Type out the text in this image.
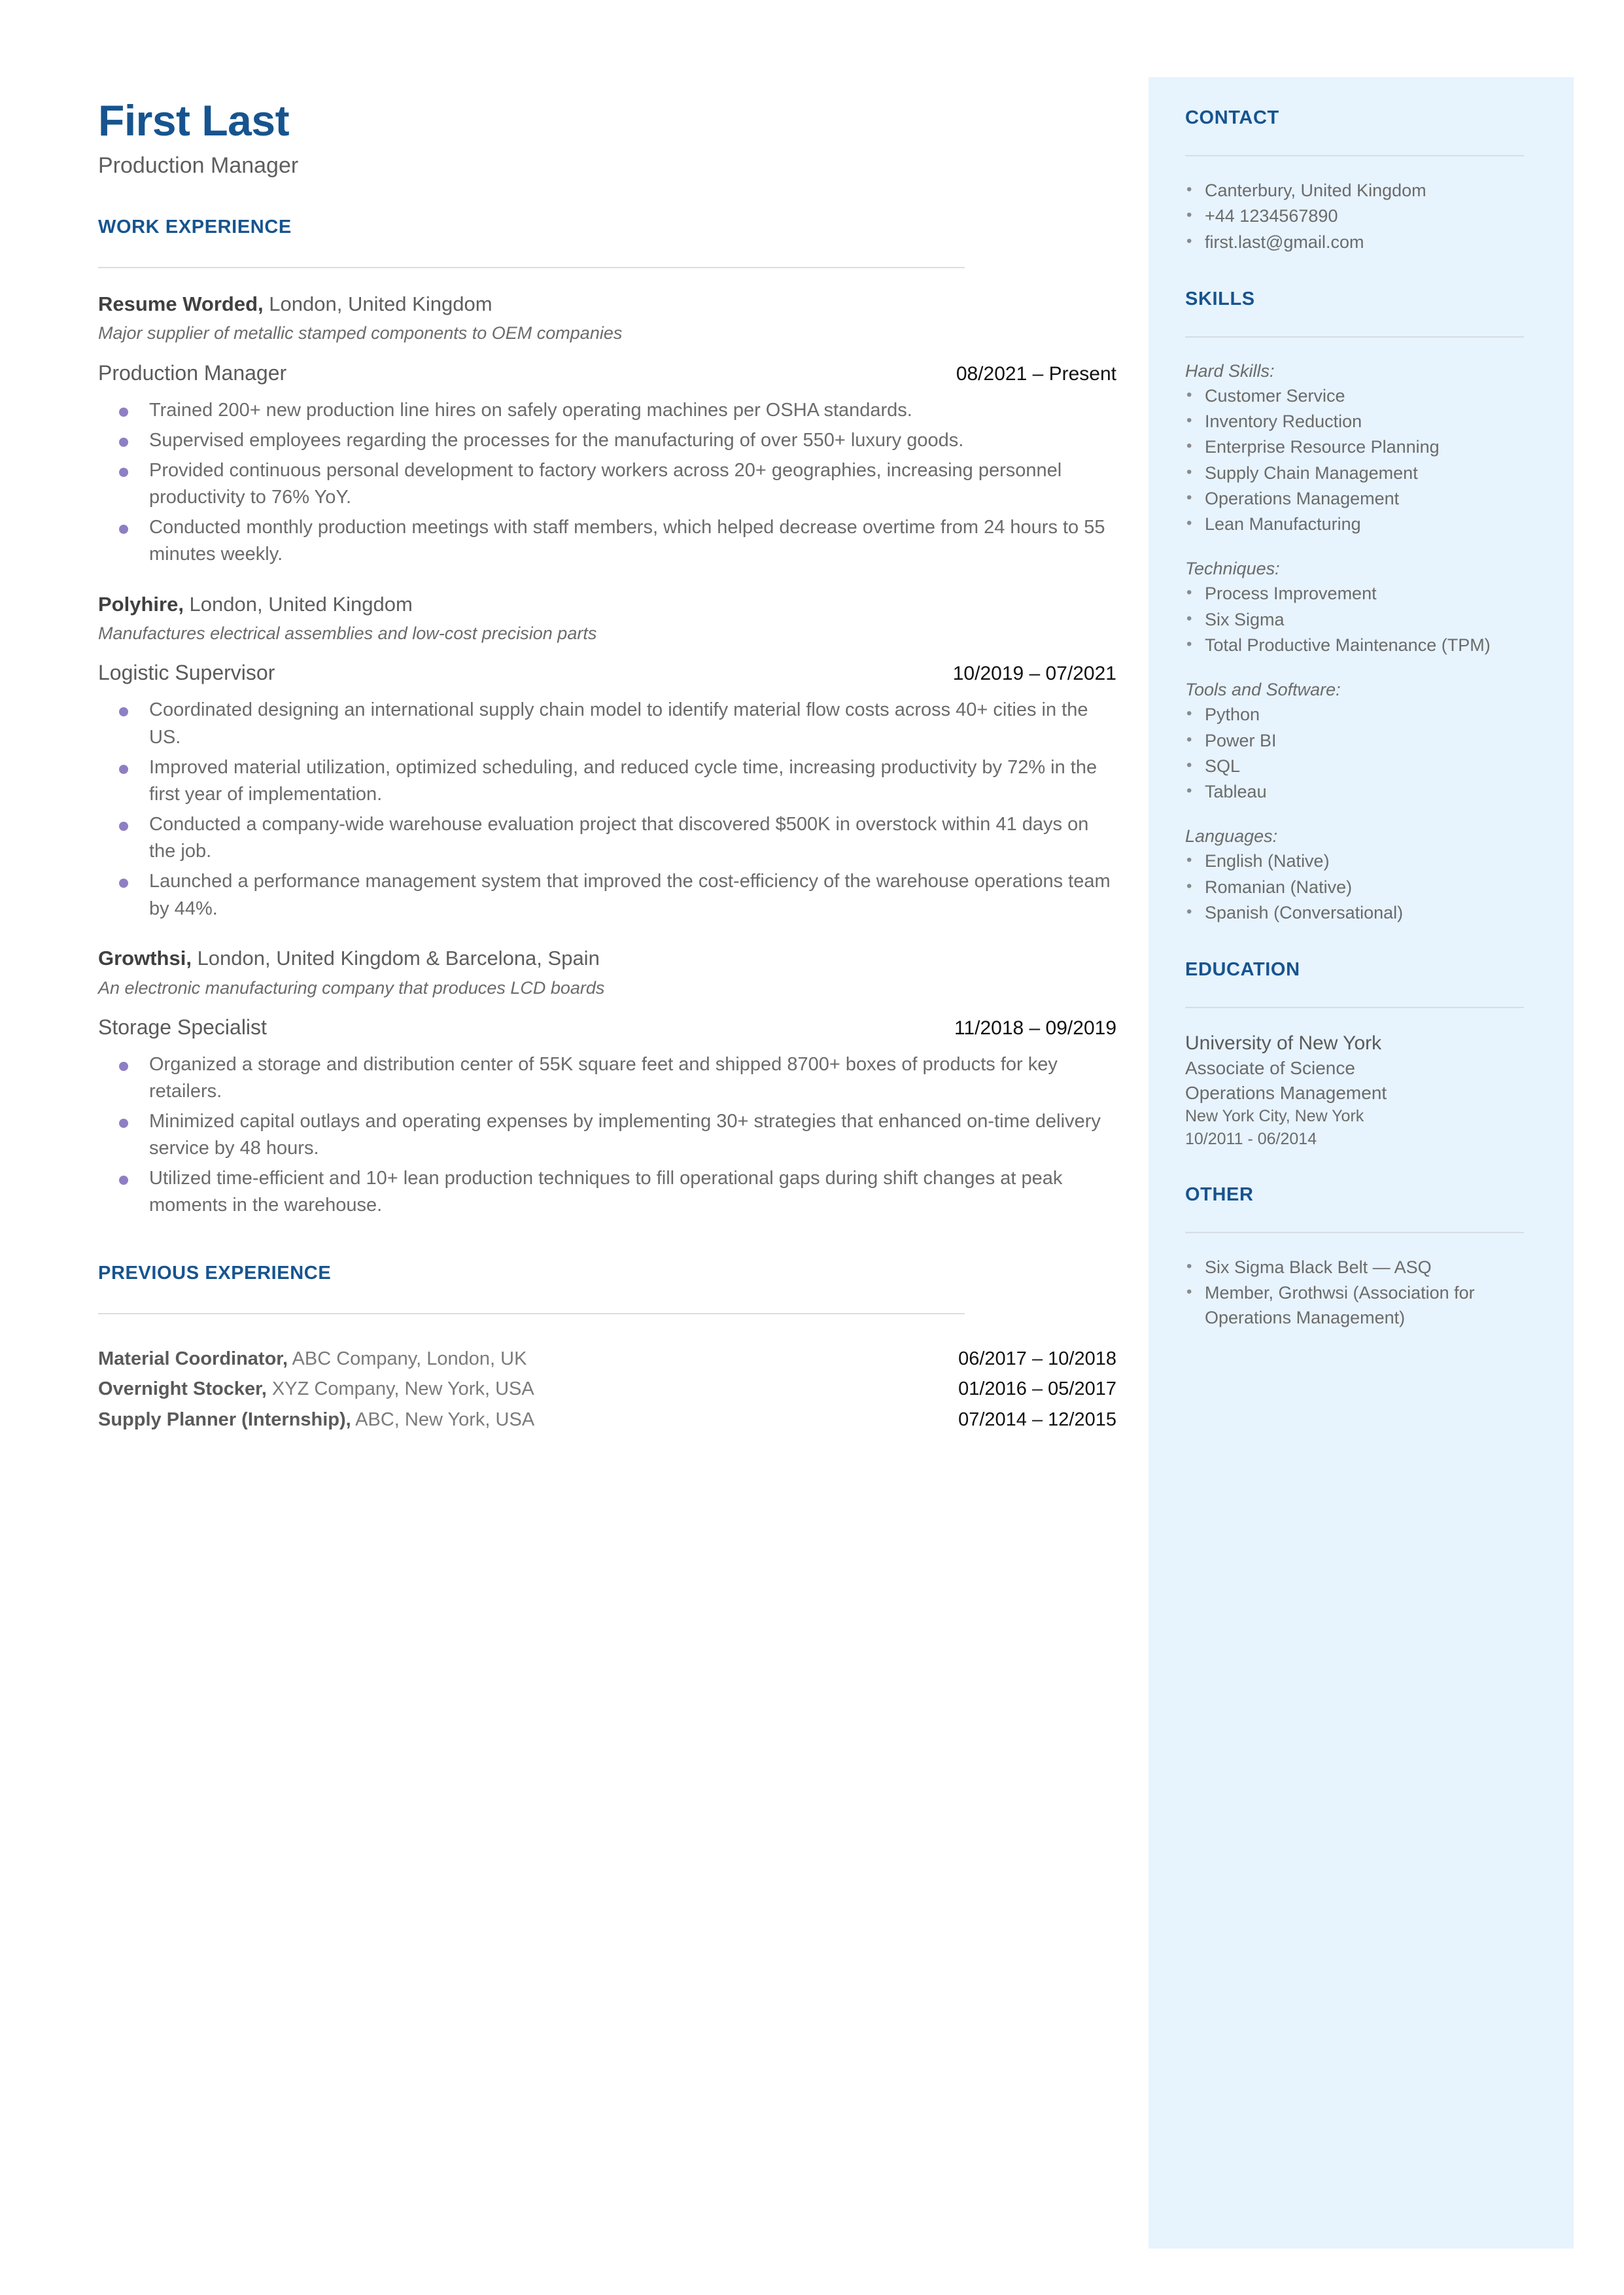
First Last
Production Manager
WORK EXPERIENCE
Resume Worded, London, United Kingdom
Major supplier of metallic stamped components to OEM companies
Production Manager	08/2021 – Present
Trained 200+ new production line hires on safely operating machines per OSHA standards.
Supervised employees regarding the processes for the manufacturing of over 550+ luxury goods.
Provided continuous personal development to factory workers across 20+ geographies, increasing personnel productivity to 76% YoY.
Conducted monthly production meetings with staff members, which helped decrease overtime from 24 hours to 55 minutes weekly.
Polyhire, London, United Kingdom
Manufactures electrical assemblies and low-cost precision parts
Logistic Supervisor	10/2019 – 07/2021
Coordinated designing an international supply chain model to identify material flow costs across 40+ cities in the US.
Improved material utilization, optimized scheduling, and reduced cycle time, increasing productivity by 72% in the first year of implementation.
Conducted a company-wide warehouse evaluation project that discovered $500K in overstock within 41 days on the job.
Launched a performance management system that improved the cost-efficiency of the warehouse operations team by 44%.
Growthsi, London, United Kingdom & Barcelona, Spain
An electronic manufacturing company that produces LCD boards
Storage Specialist	11/2018 – 09/2019
Organized a storage and distribution center of 55K square feet and shipped 8700+ boxes of products for key retailers.
Minimized capital outlays and operating expenses by implementing 30+ strategies that enhanced on-time delivery service by 48 hours.
Utilized time-efficient and 10+ lean production techniques to fill operational gaps during shift changes at peak moments in the warehouse.
PREVIOUS EXPERIENCE
Material Coordinator, ABC Company, London, UK	06/2017 – 10/2018
Overnight Stocker, XYZ Company, New York, USA	01/2016 – 05/2017
Supply Planner (Internship), ABC, New York, USA	07/2014 – 12/2015
CONTACT
• Canterbury, United Kingdom
• +44 1234567890
• first.last@gmail.com
SKILLS
Hard Skills:
• Customer Service
• Inventory Reduction
• Enterprise Resource Planning
• Supply Chain Management
• Operations Management
• Lean Manufacturing
Techniques:
• Process Improvement
• Six Sigma
• Total Productive Maintenance (TPM)
Tools and Software:
• Python
• Power BI
• SQL
• Tableau
Languages:
• English (Native)
• Romanian (Native)
• Spanish (Conversational)
EDUCATION
University of New York
Associate of Science
Operations Management
New York City, New York
10/2011 - 06/2014
OTHER
• Six Sigma Black Belt — ASQ
• Member, Grothwsi (Association for Operations Management)
